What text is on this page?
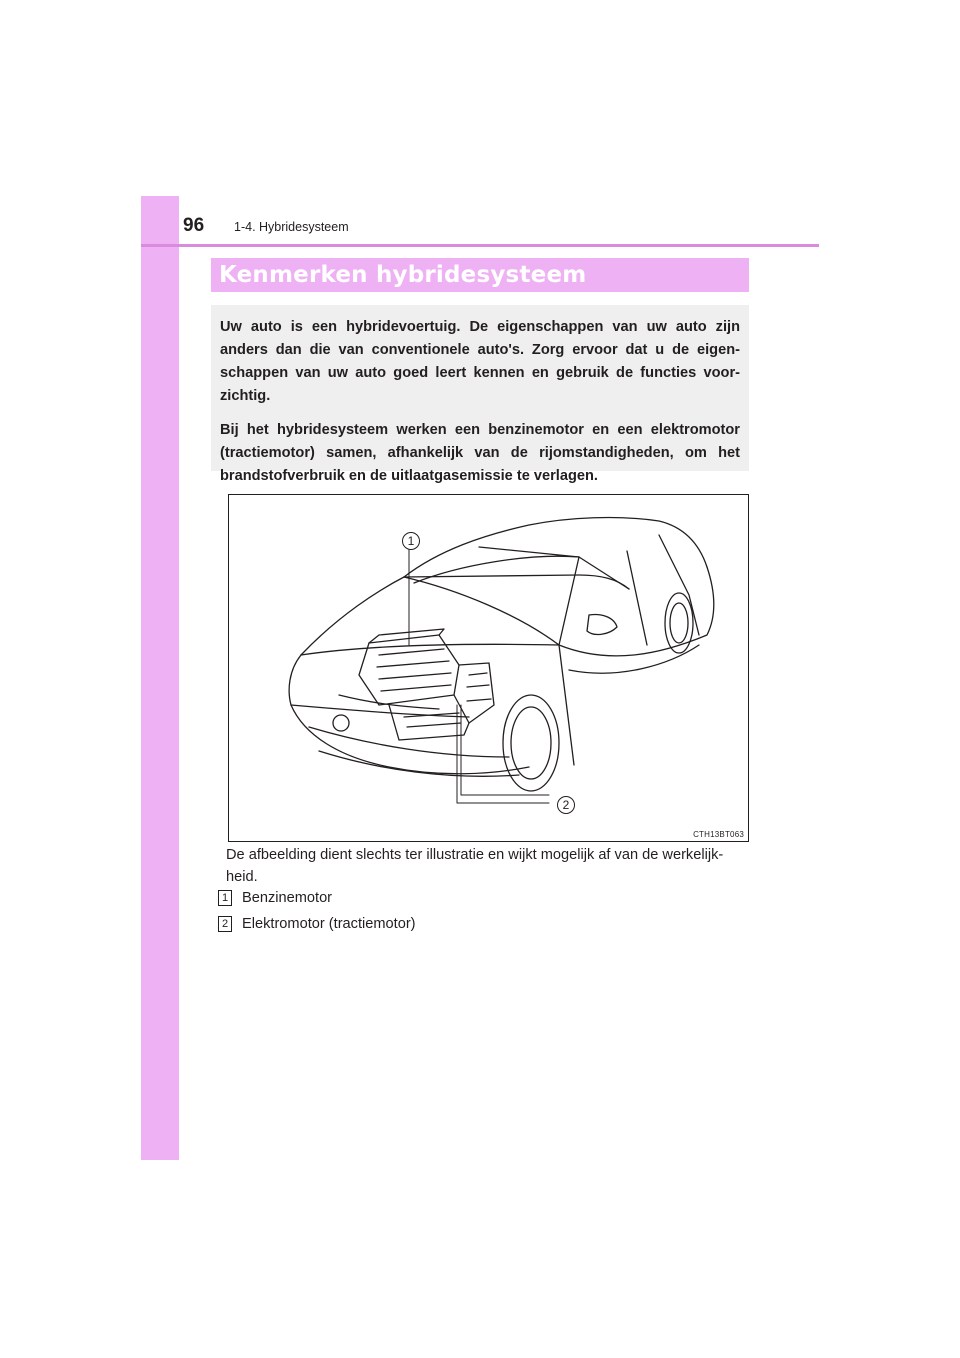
96 1-4. Hybridesysteem
Kenmerken hybridesysteem

Uw auto is een hybridevoertuig. De eigenschappen van uw auto zijn anders dan die van conventionele auto's. Zorg ervoor dat u de eigen-schappen van uw auto goed leert kennen en gebruik de functies voor-zichtig.

Bij het hybridesysteem werken een benzinemotor en een elektromotor (tractiemotor) samen, afhankelijk van de rijomstandigheden, om het brandstofverbruik en de uitlaatgasemissie te verlagen.

1
2
CTH13BT063
De afbeelding dient slechts ter illustratie en wijkt mogelijk af van de werkelijk-heid.
1 Benzinemotor
2 Elektromotor (tractiemotor)
